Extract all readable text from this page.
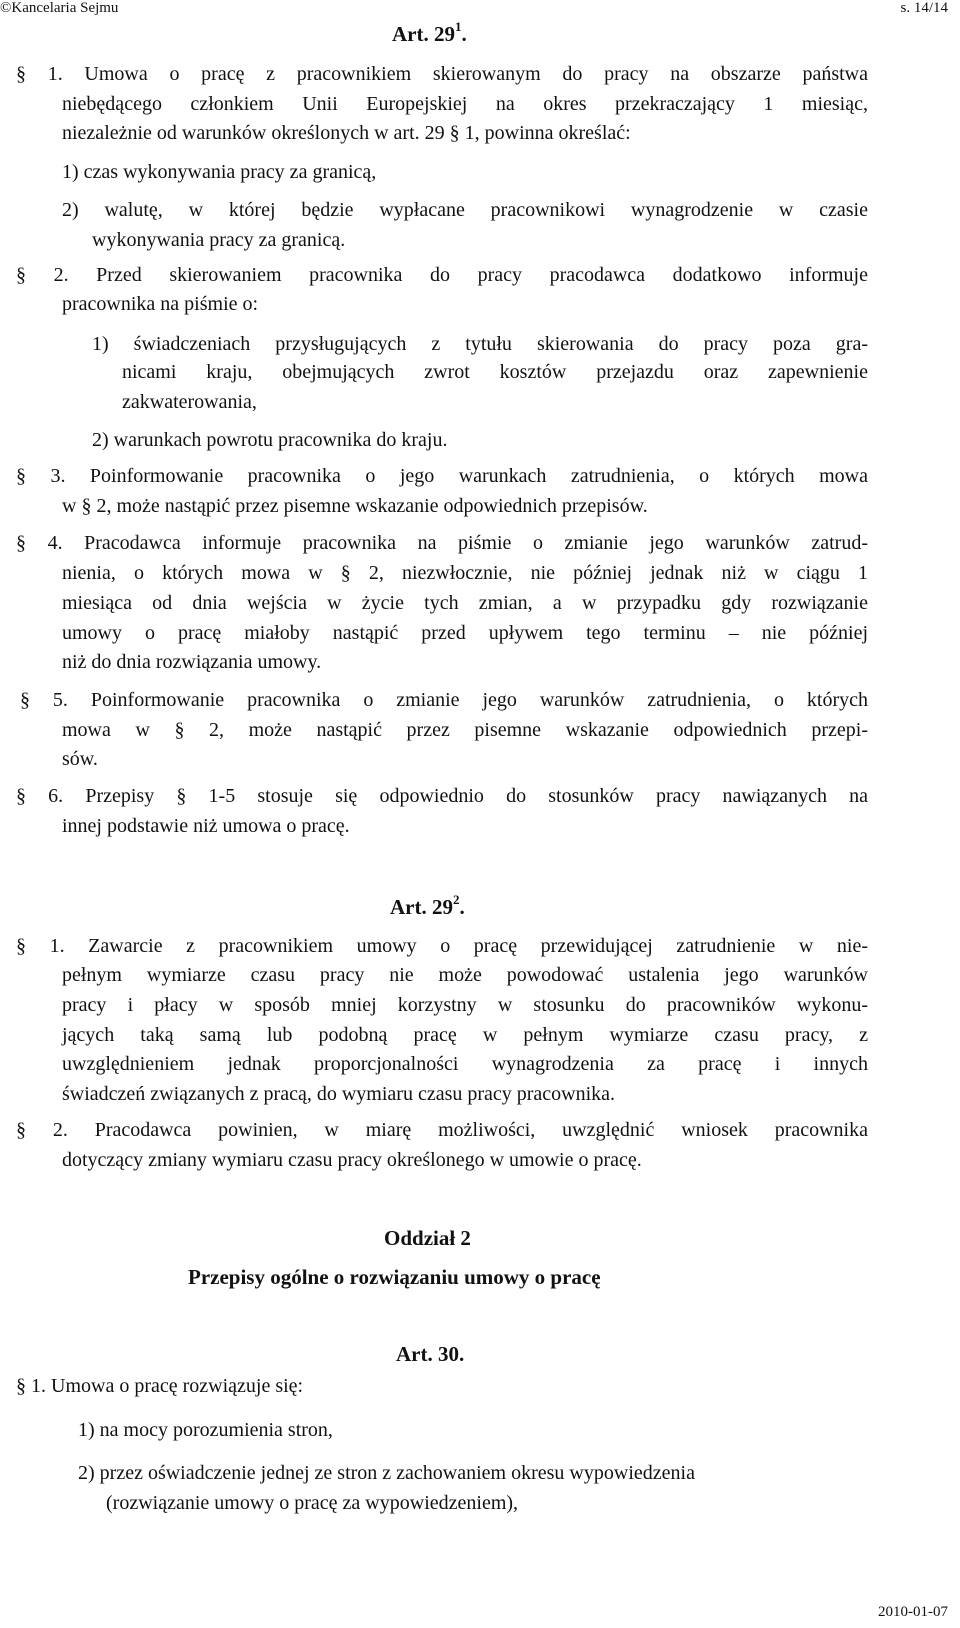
©Kancelaria Sejmu	s. 14/14
Art. $29^1$.
§ 1. Umowa o pracę z pracownikiem skierowanym do pracy na obszarze państwa
niebędącego członkiem Unii Europejskiej na okres przekraczający 1 miesiąc,
niezależnie od warunków określonych w art. 29 § 1, powinna określać:
1) czas wykonywania pracy za granicą,
2) walutę, w której będzie wypłacane pracownikowi wynagrodzenie w czasie
wykonywania pracy za granicą.
§ 2. Przed skierowaniem pracownika do pracy pracodawca dodatkowo informuje
pracownika na piśmie o:
1) świadczeniach przysługujących z tytułu skierowania do pracy poza gra-
nicami kraju, obejmujących zwrot kosztów przejazdu oraz zapewnienie
zakwaterowania,
2) warunkach powrotu pracownika do kraju.
§ 3. Poinformowanie pracownika o jego warunkach zatrudnienia, o których mowa
w § 2, może nastąpić przez pisemne wskazanie odpowiednich przepisów.
§ 4. Pracodawca informuje pracownika na piśmie o zmianie jego warunków zatrud-
nienia, o których mowa w § 2, niezwłocznie, nie później jednak niż w ciągu 1
miesiąca od dnia wejścia w życie tych zmian, a w przypadku gdy rozwiązanie
umowy o pracę miałoby nastąpić przed upływem tego terminu – nie później
niż do dnia rozwiązania umowy.
§ 5. Poinformowanie pracownika o zmianie jego warunków zatrudnienia, o których
mowa w § 2, może nastąpić przez pisemne wskazanie odpowiednich przepi-
sów.
§ 6. Przepisy § 1-5 stosuje się odpowiednio do stosunków pracy nawiązanych na
innej podstawie niż umowa o pracę.
Art. $29^2$.
§ 1. Zawarcie z pracownikiem umowy o pracę przewidującej zatrudnienie w nie-
pełnym wymiarze czasu pracy nie może powodować ustalenia jego warunków
pracy i płacy w sposób mniej korzystny w stosunku do pracowników wykonu-
jących taką samą lub podobną pracę w pełnym wymiarze czasu pracy, z
uwzględnieniem jednak proporcjonalności wynagrodzenia za pracę i innych
świadczeń związanych z pracą, do wymiaru czasu pracy pracownika.
§ 2. Pracodawca powinien, w miarę możliwości, uwzględnić wniosek pracownika
dotyczący zmiany wymiaru czasu pracy określonego w umowie o pracę.
Oddział 2
Przepisy ogólne o rozwiązaniu umowy o pracę
Art. 30.
§ 1. Umowa o pracę rozwiązuje się:
1) na mocy porozumienia stron,
2) przez oświadczenie jednej ze stron z zachowaniem okresu wypowiedzenia
(rozwiązanie umowy o pracę za wypowiedzeniem),
2010-01-07
